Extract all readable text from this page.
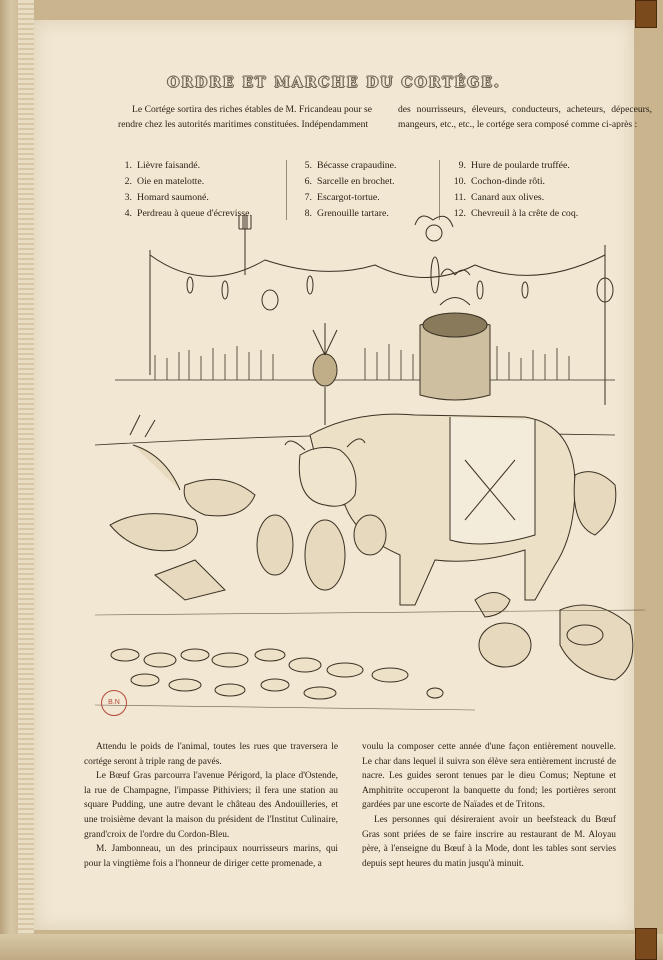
ORDRE ET MARCHE DU CORTÉGE.
Le Cortége sortira des riches étables de M. Fricandeau pour se rendre chez les autorités maritimes constituées. Indépendamment
des nourrisseurs, éleveurs, conducteurs, acheteurs, dépeceurs, mangeurs, etc., etc., le cortége sera composé comme ci-après :
1. Lièvre faisandé.
2. Oie en matelotte.
3. Homard saumoné.
4. Perdreau à queue d'écrevisse.
5. Bécasse crapaudine.
6. Sarcelle en brochet.
7. Escargot-tortue.
8. Grenouille tartare.
9. Hure de poularde truffée.
10. Cochon-dinde rôti.
11. Canard aux olives.
12. Chevreuil à la crête de coq.
B.N

Attendu le poids de l'animal, toutes les rues que traversera le cortége seront à triple rang de pavés.

Le Bœuf Gras parcourra l'avenue Périgord, la place d'Ostende, la rue de Champagne, l'impasse Pithiviers; il fera une station au square Pudding, une autre devant le château des Andouilleries, et une troisième devant la maison du président de l'Institut Culinaire, grand'croix de l'ordre du Cordon-Bleu.

M. Jambonneau, un des principaux nourrisseurs marins, qui pour la vingtième fois a l'honneur de diriger cette promenade, a

voulu la composer cette année d'une façon entièrement nouvelle. Le char dans lequel il suivra son élève sera entièrement incrusté de nacre. Les guides seront tenues par le dieu Comus; Neptune et Amphitrite occuperont la banquette du fond; les portières seront gardées par une escorte de Naïades et de Tritons.

Les personnes qui désireraient avoir un beefsteack du Bœuf Gras sont priées de se faire inscrire au restaurant de M. Aloyau père, à l'enseigne du Bœuf à la Mode, dont les tables sont servies depuis sept heures du matin jusqu'à minuit.
